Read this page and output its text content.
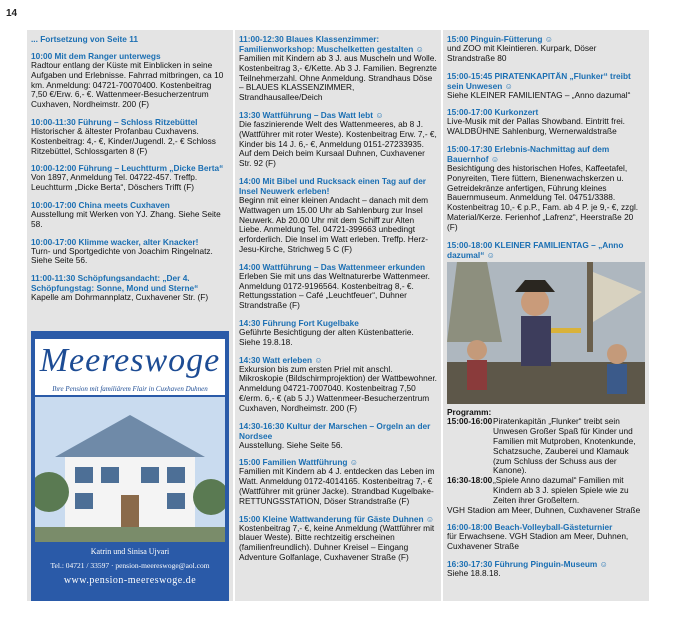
14
... Fortsetzung von Seite 11
10:00 Mit dem Ranger unterwegs
Radtour entlang der Küste mit Einblicken in seine Aufgaben und Erlebnisse. Fahrrad mitbringen, ca 10 km. Anmeldung: 04721-70070400. Kostenbeitrag 7,50 €/Erw. 6,- €. Wattenmeer-Besucherzentrum Cuxhaven, Nordheimstr. 200 (F)
10:00-11:30 Führung – Schloss Ritzebüttel
Historischer & ältester Profanbau Cuxhavens. Kostenbeitrag: 4,- €, Kinder/Jugendl. 2,- € Schloss Ritzebüttel, Schlossgarten 8 (F)
10:00-12:00 Führung – Leuchtturm „Dicke Berta“
Von 1897, Anmeldung Tel. 04722-457. Treffp. Leuchtturm „Dicke Berta“, Döschers Trifft (F)
10:00-17:00 China meets Cuxhaven
Ausstellung mit Werken von YJ. Zhang. Siehe Seite 58.
10:00-17:00 Klimme wacker, alter Knacker!
Turn- und Sportgedichte von Joachim Ringelnatz. Siehe Seite 56.
11:00-11:30 Schöpfungsandacht: „Der 4. Schöpfungstag: Sonne, Mond und Sterne“
Kapelle am Dohrmannplatz, Cuxhavener Str. (F)
Meereswoge
Ihre Pension mit familiärem Flair in Cuxhaven Duhnen
Katrin und Sinisa Ujvari
Tel.: 04721 / 33597 · pension-meereswoge@aol.com
www.pension-meereswoge.de
11:00-12:30 Blaues Klassenzimmer: Familienworkshop: Muschelketten gestalten ☺
Familien mit Kindern ab 3 J. aus Muscheln und Wolle. Kostenbeitrag 3,- €/Kette. Ab 3 J. Familien. Begrenzte Teilnehmerzahl. Ohne Anmeldung. Strandhaus Döse – BLAUES KLASSENZIMMER, Strandhausallee/Deich
13:30 Wattführung – Das Watt lebt ☺
Die faszinierende Welt des Wattenmeeres, ab 8 J. (Wattführer mit roter Weste). Kostenbeitrag Erw. 7,- €, Kinder bis 14 J. 6,- €, Anmeldung 0151-27233935. Auf dem Deich beim Kursaal Duhnen, Cuxhavener Str. 92 (F)
14:00 Mit Bibel und Rucksack einen Tag auf der Insel Neuwerk erleben!
Beginn mit einer kleinen Andacht – danach mit dem Wattwagen um 15.00 Uhr ab Sahlenburg zur Insel Neuwerk. Ab 20.00 Uhr mit dem Schiff zur Alten Liebe. Anmeldung Tel. 04721-399663 unbedingt erforderlich. Die Insel im Watt erleben. Treffp. Herz-Jesu-Kirche, Strichweg 5 C (F)
14:00 Wattführung – Das Wattenmeer erkunden
Erleben Sie mit uns das Weltnaturerbe Wattenmeer. Anmeldung 0172-9196564. Kostenbeitrag 8,- €. Rettungsstation – Café „Leuchtfeuer“, Duhner Strandstraße (F)
14:30 Führung Fort Kugelbake
Geführte Besichtigung der alten Küstenbatterie. Siehe 19.8.18.
14:30 Watt erleben ☺
Exkursion bis zum ersten Priel mit anschl. Mikroskopie (Bildschirmprojektion) der Wattbewohner. Anmeldung 04721-7007040. Kostenbeitrag 7,50 €/erm. 6,- € (ab 5 J.) Wattenmeer-Besucherzentrum Cuxhaven, Nordheimstr. 200 (F)
14:30-16:30 Kultur der Marschen – Orgeln an der Nordsee
Ausstellung. Siehe Seite 56.
15:00 Familien Wattführung ☺
Familien mit Kindern ab 4 J. entdecken das Leben im Watt. Anmeldung 0172-4014165. Kostenbeitrag 7,- € (Wattführer mit grüner Jacke). Strandbad Kugelbake-RETTUNGSSTATION, Döser Strandstraße (F)
15:00 Kleine Wattwanderung für Gäste Duhnen ☺
Kostenbeitrag 7,- €, keine Anmeldung (Wattführer mit blauer Weste). Bitte rechtzeitig erscheinen (familienfreundlich). Duhner Kreisel – Eingang Adventure Golfanlage, Cuxhavener Straße (F)
15:00 Pinguin-Fütterung ☺
und ZOO mit Kleintieren. Kurpark, Döser Strandstraße 80
15:00-15:45 PIRATENKAPITÄN „Flunker“ treibt sein Unwesen ☺
Siehe KLEINER FAMILIENTAG – „Anno dazumal“
15:00-17:00 Kurkonzert
Live-Musik mit der Pallas Showband. Eintritt frei. WALDBÜHNE Sahlenburg, Wernerwaldstraße
15:00-17:30 Erlebnis-Nachmittag auf dem Bauernhof ☺
Besichtigung des historischen Hofes, Kaffeetafel, Ponyreiten, Tiere füttern, Bienenwachskerzen u. Getreidekränze anfertigen, Führung kleines Bauernmuseum. Anmeldung Tel. 04751/3388. Kostenbeitrag 10,- € p.P., Fam. ab 4 P. je 9,- €, zzgl. Material/Kerze. Ferienhof „Lafrenz“, Heerstraße 20 (F)
15:00-18:00 KLEINER FAMILIENTAG – „Anno dazumal“ ☺
Programm:
15:00-16:00 Piratenkapitän „Flunker“ treibt sein Unwesen Großer Spaß für Kinder und Familien mit Mutproben, Knotenkunde, Schatzsuche, Zauberei und Klamauk (zum Schluss der Schuss aus der Kanone).
16:30-18:00 „Spiele Anno dazumal“ Familien mit Kindern ab 3 J. spielen Spiele wie zu Zeiten ihrer Großeltern.
VGH Stadion am Meer, Duhnen, Cuxhavener Straße
16:00-18:00 Beach-Volleyball-Gästeturnier
für Erwachsene. VGH Stadion am Meer, Duhnen, Cuxhavener Straße
16:30-17:30 Führung Pinguin-Museum ☺
Siehe 18.8.18.
